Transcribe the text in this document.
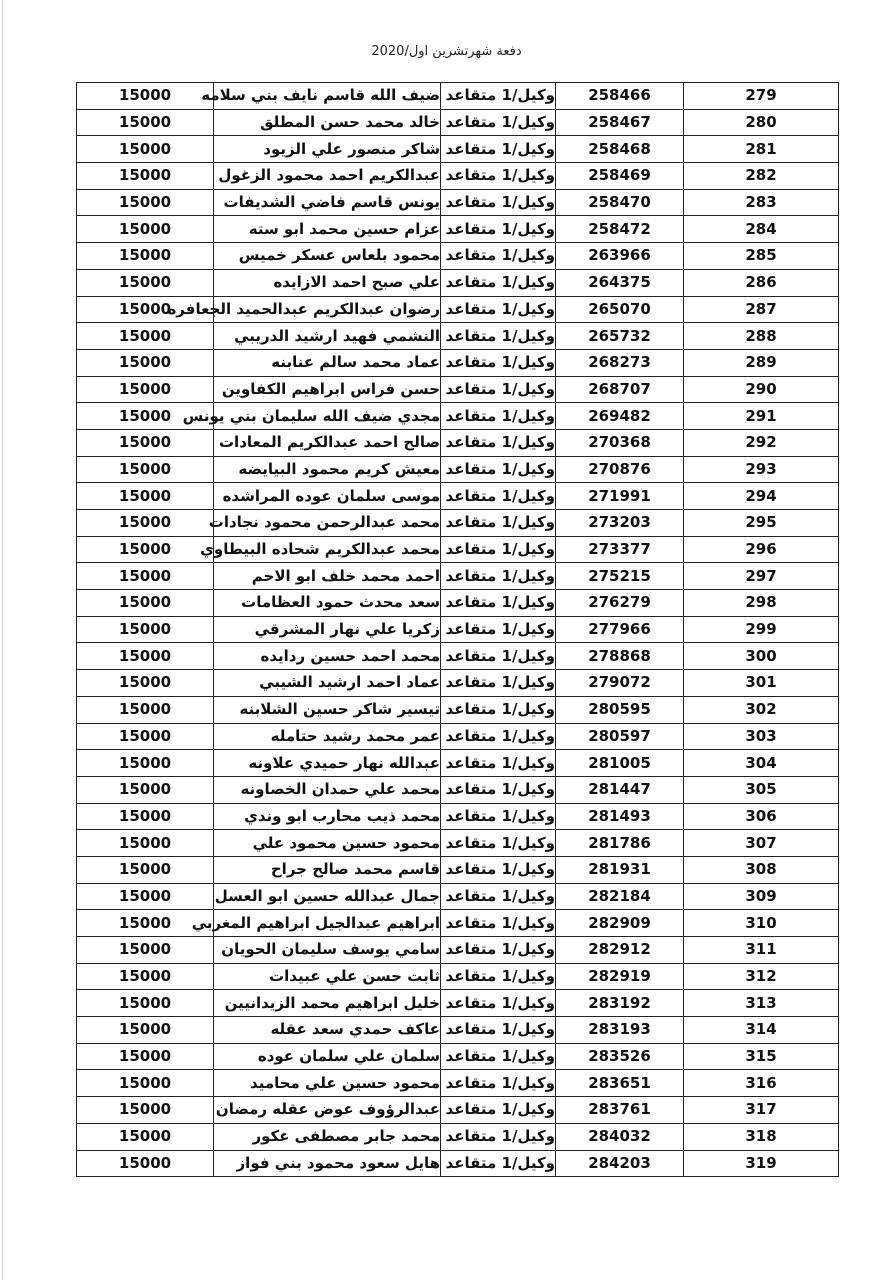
دفعة شهرتشرين اول/2020
15000	ضيف الله قاسم نايف بني سلامه	وكيل/1 متقاعد	258466	279
15000	خالد محمد حسن المطلق	وكيل/1 متقاعد	258467	280
15000	شاكر منصور علي الزيود	وكيل/1 متقاعد	258468	281
15000	عبدالكريم احمد محمود الزغول	وكيل/1 متقاعد	258469	282
15000	يونس قاسم فاضي الشديفات	وكيل/1 متقاعد	258470	283
15000	عزام حسين محمد ابو سته	وكيل/1 متقاعد	258472	284
15000	محمود بلعاس عسكر خميس	وكيل/1 متقاعد	263966	285
15000	علي صبح احمد الازايده	وكيل/1 متقاعد	264375	286
15000	رضوان عبدالكريم عبدالحميد الجعافره	وكيل/1 متقاعد	265070	287
15000	النشمي فهيد ارشيد الدريبي	وكيل/1 متقاعد	265732	288
15000	عماد محمد سالم عنابنه	وكيل/1 متقاعد	268273	289
15000	حسن فراس ابراهيم الكفاوين	وكيل/1 متقاعد	268707	290
15000	مجدي ضيف الله سليمان بني يونس	وكيل/1 متقاعد	269482	291
15000	صالح احمد عبدالكريم المعادات	وكيل/1 متقاعد	270368	292
15000	معيش كريم محمود البيايضه	وكيل/1 متقاعد	270876	293
15000	موسى سلمان عوده المراشده	وكيل/1 متقاعد	271991	294
15000	محمد عبدالرحمن محمود نجادات	وكيل/1 متقاعد	273203	295
15000	محمد عبدالكريم شحاده البيطاوي	وكيل/1 متقاعد	273377	296
15000	احمد محمد خلف ابو الاحم	وكيل/1 متقاعد	275215	297
15000	سعد محدث حمود العظامات	وكيل/1 متقاعد	276279	298
15000	زكريا علي نهار المشرقي	وكيل/1 متقاعد	277966	299
15000	محمد احمد حسين ردايده	وكيل/1 متقاعد	278868	300
15000	عماد احمد ارشيد الشيبي	وكيل/1 متقاعد	279072	301
15000	تيسير شاكر حسين الشلابنه	وكيل/1 متقاعد	280595	302
15000	عمر محمد رشيد حتامله	وكيل/1 متقاعد	280597	303
15000	عبدالله نهار حميدي علاونه	وكيل/1 متقاعد	281005	304
15000	محمد علي حمدان الخصاونه	وكيل/1 متقاعد	281447	305
15000	محمد ذيب محارب ابو وندي	وكيل/1 متقاعد	281493	306
15000	محمود حسين محمود علي	وكيل/1 متقاعد	281786	307
15000	قاسم محمد صالح جراح	وكيل/1 متقاعد	281931	308
15000	جمال عبدالله حسين ابو العسل	وكيل/1 متقاعد	282184	309
15000	ابراهيم عبدالجيل ابراهيم المغربي	وكيل/1 متقاعد	282909	310
15000	سامي يوسف سليمان الحويان	وكيل/1 متقاعد	282912	311
15000	ثابت حسن علي عبيدات	وكيل/1 متقاعد	282919	312
15000	خليل ابراهيم محمد الزيدانيين	وكيل/1 متقاعد	283192	313
15000	عاكف حمدي سعد عقله	وكيل/1 متقاعد	283193	314
15000	سلمان علي سلمان عوده	وكيل/1 متقاعد	283526	315
15000	محمود حسين علي محاميد	وكيل/1 متقاعد	283651	316
15000	عبدالرؤوف عوض عقله رمضان	وكيل/1 متقاعد	283761	317
15000	محمد جابر مصطفى عكور	وكيل/1 متقاعد	284032	318
15000	هايل سعود محمود بني فواز	وكيل/1 متقاعد	284203	319
